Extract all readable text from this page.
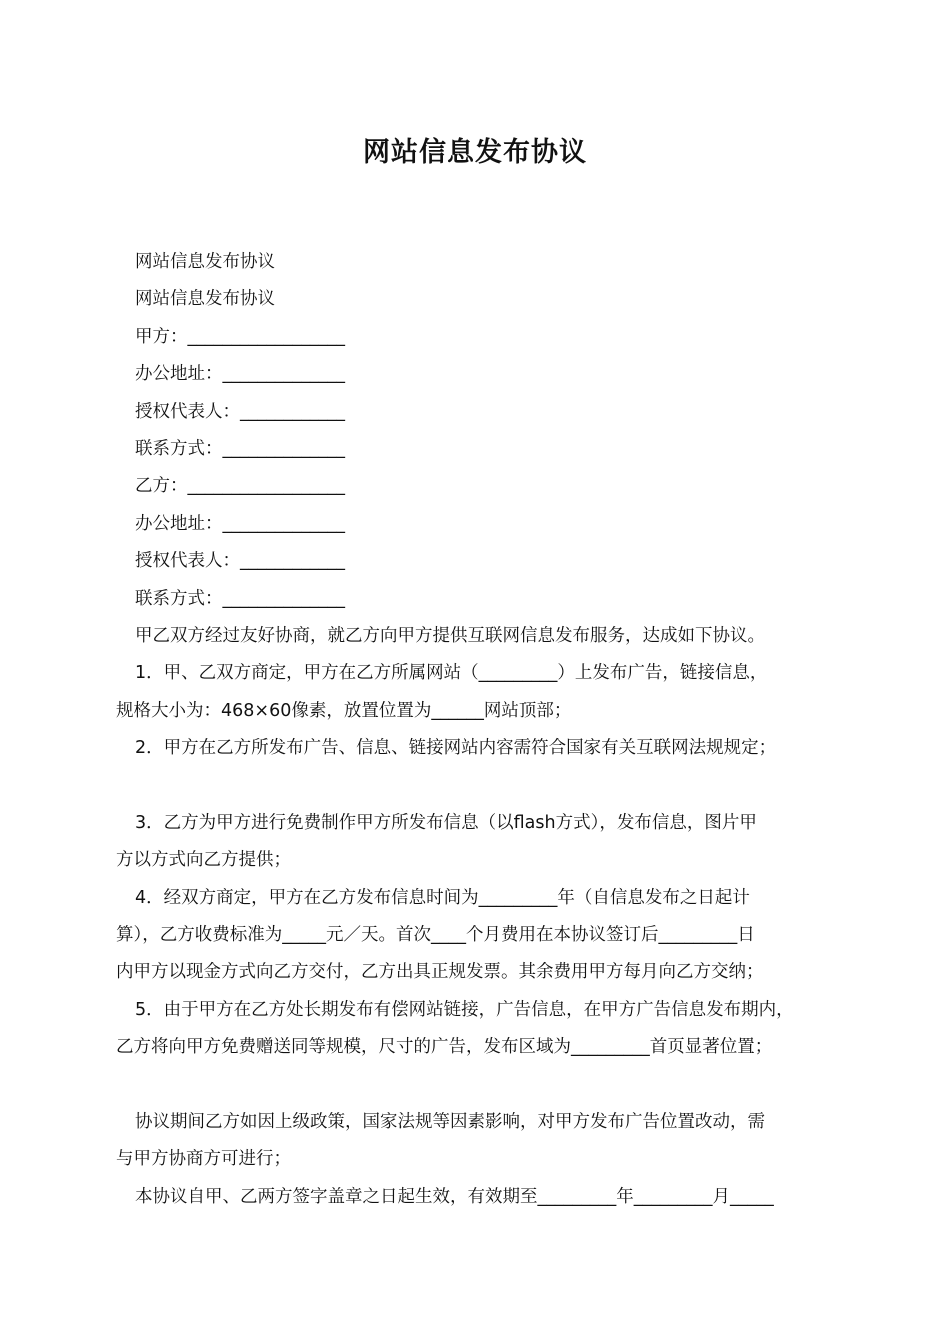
网站信息发布协议
网站信息发布协议
网站信息发布协议
甲方：__________________
办公地址：______________
授权代表人：____________
联系方式：______________
乙方：__________________
办公地址：______________
授权代表人：____________
联系方式：______________
甲乙双方经过友好协商，就乙方向甲方提供互联网信息发布服务，达成如下协议。
1．甲、乙双方商定，甲方在乙方所属网站（_________）上发布广告，链接信息，
规格大小为：468×60像素，放置位置为______网站顶部；
2．甲方在乙方所发布广告、信息、链接网站内容需符合国家有关互联网法规规定；
3．乙方为甲方进行免费制作甲方所发布信息（以flash方式），发布信息，图片甲
方以方式向乙方提供；
4．经双方商定，甲方在乙方发布信息时间为_________年（自信息发布之日起计
算），乙方收费标准为_____元／天。首次____个月费用在本协议签订后_________日
内甲方以现金方式向乙方交付，乙方出具正规发票。其余费用甲方每月向乙方交纳；
5．由于甲方在乙方处长期发布有偿网站链接，广告信息，在甲方广告信息发布期内，
乙方将向甲方免费赠送同等规模，尺寸的广告，发布区域为_________首页显著位置；
协议期间乙方如因上级政策，国家法规等因素影响，对甲方发布广告位置改动，需
与甲方协商方可进行；
本协议自甲、乙两方签字盖章之日起生效，有效期至_________年_________月_____
